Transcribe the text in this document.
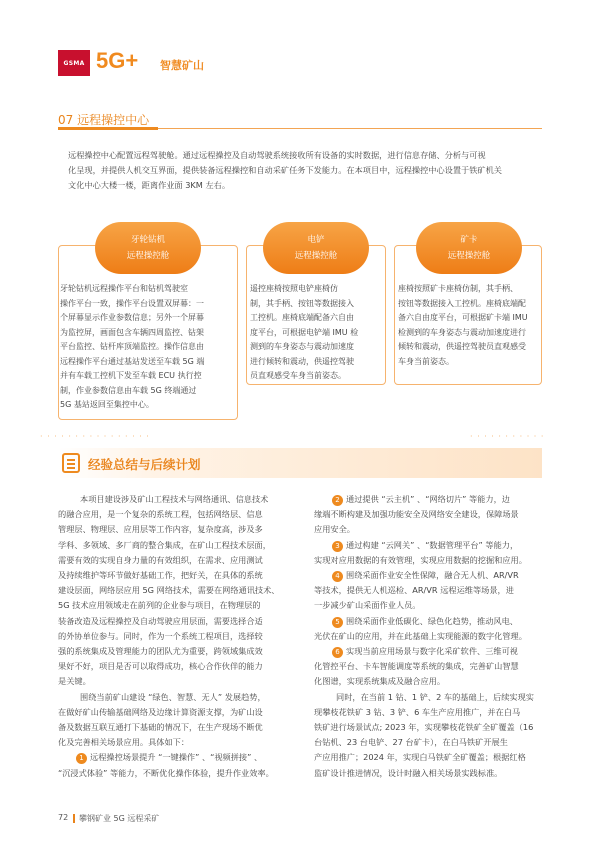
GSMA 5G+ 智慧矿山
07 远程操控中心
远程操控中心配置远程驾驶舱。通过远程操控及自动驾驶系统接收所有设备的实时数据，进行信息存储、分析与可视
化呈现，并提供人机交互界面，提供装备远程操控和自动采矿任务下发能力。在本项目中，远程操控中心设置于铁矿机关
文化中心大楼一楼，距离作业面 3KM 左右。
牙轮钻机
远程操控舱
电铲
远程操控舱
矿卡
远程操控舱
牙轮钻机远程操作平台和钻机驾驶室
操作平台一致，操作平台设置双屏幕：一
个屏幕显示作业参数信息；另外一个屏幕
为监控屏，画面包含车辆四周监控、钻架
平台监控、钻杆库顶端监控。操作信息由
远程操作平台通过基站发送至车载 5G 端
并有车载工控机下发至车载 ECU 执行控
制，作业参数信息由车载 5G 终端通过
5G 基站返回至集控中心。
遥控座椅按照电铲座椅仿
制，其手柄、按钮等数据接入
工控机。座椅底端配备六自由
度平台，可根据电铲端 IMU 检
测到的车身姿态与震动加速度
进行倾转和震动，供遥控驾驶
员直观感受车身当前姿态。
座椅按照矿卡座椅仿制，其手柄、
按钮等数据接入工控机。座椅底端配
备六自由度平台，可根据矿卡端 IMU
检测到的车身姿态与震动加速度进行
倾转和震动，供遥控驾驶员直观感受
车身当前姿态。
· · · · · · · · · · · · · · · ·	· · · · · · · · · · ·
经验总结与后续计划
本项目建设涉及矿山工程技术与网络通讯、信息技术
的融合应用，是一个复杂的系统工程，包括网络层、信息
管理层、物理层、应用层等工作内容，复杂度高，涉及多
学科、多领域、多厂商的整合集成，在矿山工程技术层面，
需要有效的实现自身力量的有效组织，在需求、应用测试
及持续维护等环节做好基础工作，把好关，在具体的系统
建设层面，网络层应用 5G 网络技术，需要在网络通讯技术、
5G 技术应用领域走在前列的企业参与项目，在物理层的
装备改造及远程操控及自动驾驶应用层面，需要选择合适
的外协单位参与。同时，作为一个系统工程项目，选择较
强的系统集成及管理能力的团队尤为重要，跨领域集成效
果好不好，项目是否可以取得成功，核心合作伙伴的能力
是关键。
围绕当前矿山建设 “绿色、智慧、无人” 发展趋势，
在做好矿山传输基础网络及边缘计算资源支撑，为矿山设
备及数据互联互通打下基础的情况下，在生产现场不断优
化及完善相关场景应用。具体如下：
1 远程操控场景提升 “一键操作” 、“视频拼接” 、
“沉浸式体验” 等能力，不断优化操作体验，提升作业效率。
2 通过提供 “云主机” 、“网络切片” 等能力，边
缘端不断构建及加强功能安全及网络安全建设，保障场景
应用安全。
3 通过构建 “云网关” 、“数据管理平台” 等能力，
实现对应用数据的有效管理，实现应用数据的挖掘和应用。
4 围绕采面作业安全性保障，融合无人机、AR/VR
等技术，提供无人机巡检、AR/VR 远程运维等场景，进
一步减少矿山采面作业人员。
5 围绕采面作业低碳化、绿色化趋势，推动风电、
光伏在矿山的应用，并在此基础上实现能源的数字化管理。
6 实现当前应用场景与数字化采矿软件、三维可视
化管控平台、卡车智能调度等系统的集成，完善矿山智慧
化图谱，实现系统集成及融合应用。
同时，在当前 1 钻、1 铲、2 车的基础上，后续实现实
现攀枝花铁矿 3 钻、3 铲、6 车生产应用推广，并在白马
铁矿进行场景试点; 2023 年，实现攀枝花铁矿全矿覆盖（16
台钻机、23 台电铲、27 台矿卡），在白马铁矿开展生
产应用推广；2024 年，实现白马铁矿全矿覆盖；根据红格
监矿设计推进情况，设计时融入相关场景实践标准。
72 攀钢矿业 5G 远程采矿
